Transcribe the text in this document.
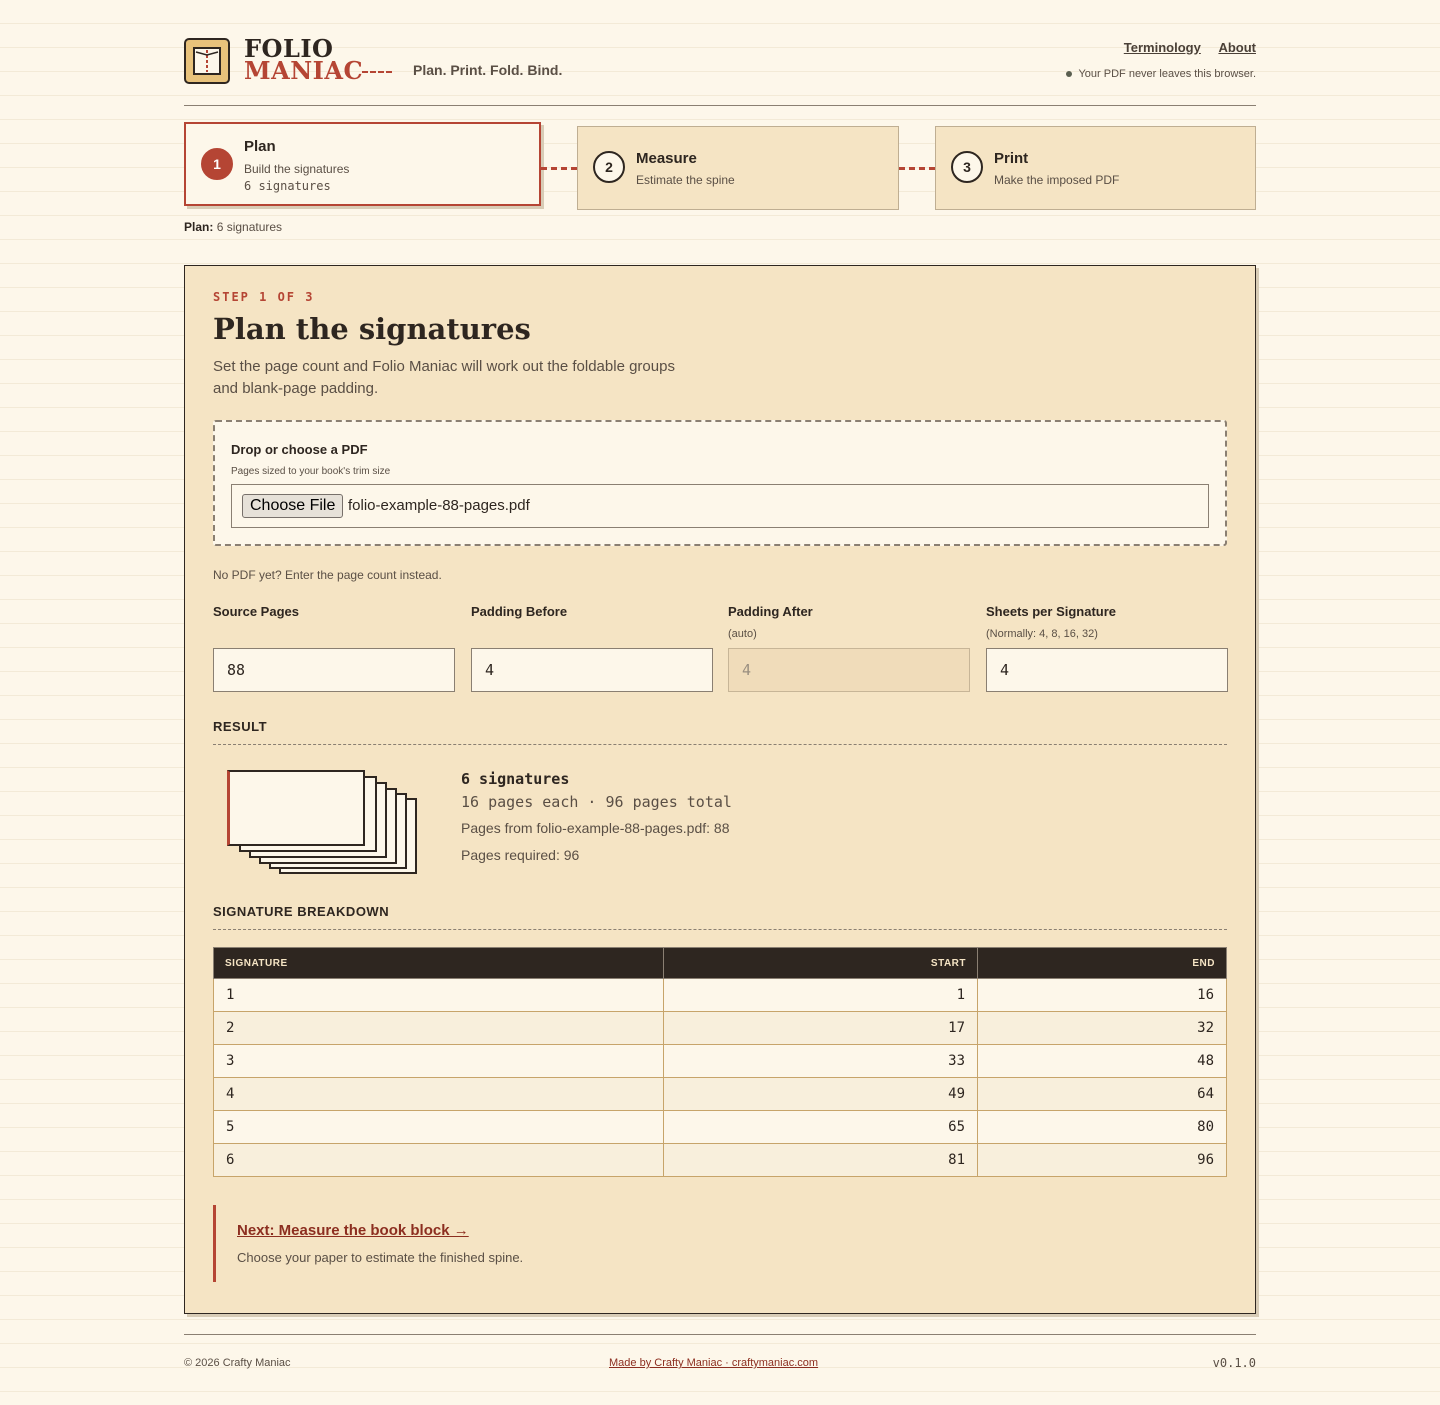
FOLIO
MANIAC	Plan. Print. Fold. Bind.
Terminology About
Your PDF never leaves this browser.
1
Plan
Build the signatures
6 signatures
2	Measure
Estimate the spine
3	Print
Make the imposed PDF
Plan: 6 signatures
STEP 1 OF 3
Plan the signatures
Set the page count and Folio Maniac will work out the foldable groups and blank-page padding.
Drop or choose a PDF
Pages sized to your book's trim size
Choose File folio-example-88-pages.pdf
No PDF yet? Enter the page count instead.
Source Pages
88
Padding Before
4
Padding After
(auto)
4
Sheets per Signature
(Normally: 4, 8, 16, 32)
4
RESULT
6 signatures
16 pages each · 96 pages total
Pages from folio-example-88-pages.pdf: 88
Pages required: 96
SIGNATURE BREAKDOWN
SIGNATURE	START	END
1	1	16
2	17	32
3	33	48
4	49	64
5	65	80
6	81	96
Next: Measure the book block →
Choose your paper to estimate the finished spine.
© 2026 Crafty Maniac	Made by Crafty Maniac · craftymaniac.com	v0.1.0
